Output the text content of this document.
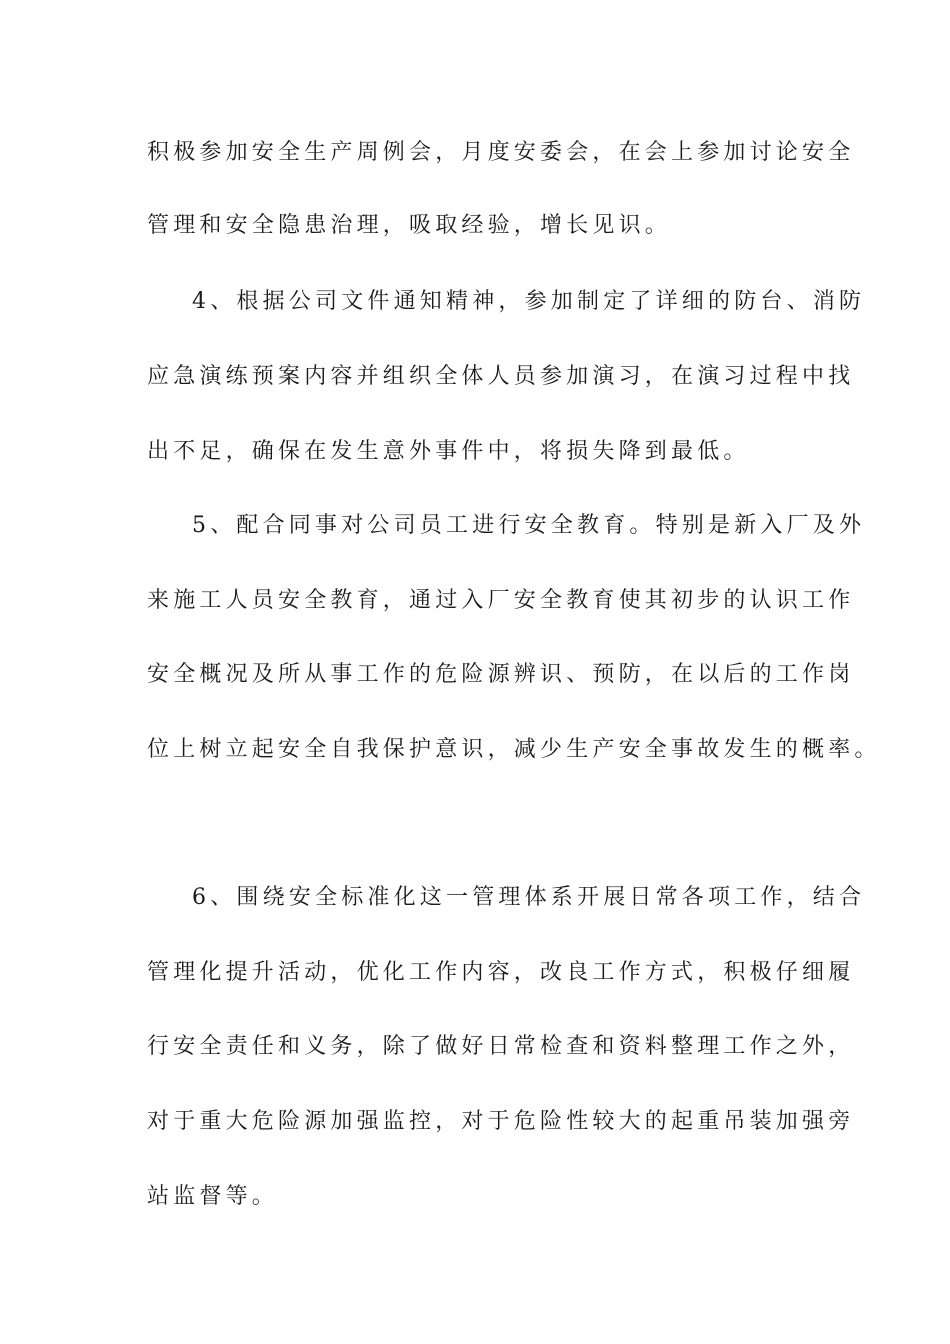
积极参加安全生产周例会，月度安委会，在会上参加讨论安全
管理和安全隐患治理，吸取经验，增长见识。
4、根据公司文件通知精神，参加制定了详细的防台、消防
应急演练预案内容并组织全体人员参加演习，在演习过程中找
出不足，确保在发生意外事件中，将损失降到最低。
5、配合同事对公司员工进行安全教育。特别是新入厂及外
来施工人员安全教育，通过入厂安全教育使其初步的认识工作
安全概况及所从事工作的危险源辨识、预防，在以后的工作岗
位上树立起安全自我保护意识，减少生产安全事故发生的概率。
6、围绕安全标准化这一管理体系开展日常各项工作，结合
管理化提升活动，优化工作内容，改良工作方式，积极仔细履
行安全责任和义务，除了做好日常检查和资料整理工作之外，
对于重大危险源加强监控，对于危险性较大的起重吊装加强旁
站监督等。
